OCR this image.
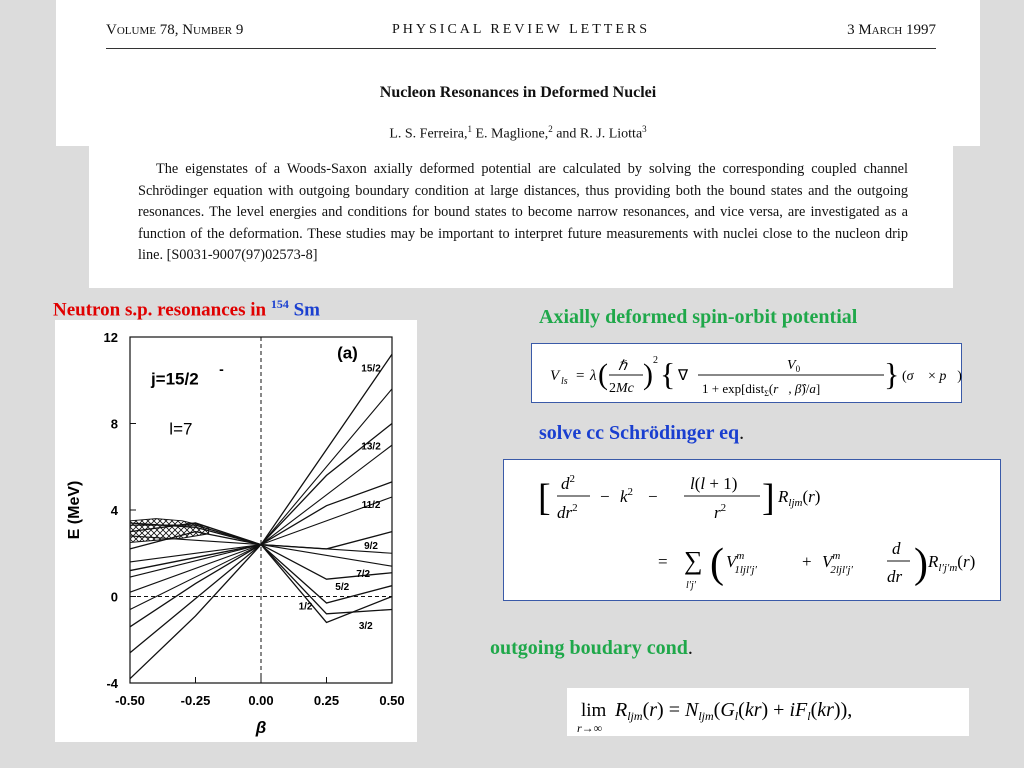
Volume 78, Number 9	PHYSICAL REVIEW LETTERS	3 March 1997
Nucleon Resonances in Deformed Nuclei
L. S. Ferreira,$^1$ E. Maglione,$^2$ and R. J. Liotta$^3$

The eigenstates of a Woods-Saxon axially deformed potential are calculated by solving the corresponding coupled channel Schrödinger equation with outgoing boundary condition at large distances, thus providing both the bound states and the outgoing resonances. The level energies and conditions for bound states to become narrow resonances, and vice versa, are investigated as a function of the deformation. These studies may be important to interpret future measurements with nuclei close to the nucleon drip line. [S0031-9007(97)02573-8]

Neutron s.p. resonances in $^{154}$ Sm
-4
0
4
8
12
-0.50	-0.25	0.00	0.25	0.50
E (MeV)
β
15/2
13/2
11/2
9/2
7/2
5/2
3/2
1/2
(a)
j=15/2
-
l=7
Axially deformed spin-orbit potential
V ls = λ ( ℏ
2Mc ) 2 { ∇
$V_0$
1 + exp[dist$_\Sigma$(r⃗, β̂)/a] } (σ⃗ × p⃗)
solve cc Schrödinger eq.
[ $d^2$
$dr^2$
− $k^2$ −
l(l + 1)
$r^2$ ] $R_{ljm}(r)$
= ∑
l′j′ ( $V^m$ 1ljl′j′	+ $V^m$ 2ljl′j′
d
dr ) $R_{l'j'm}(r)$
outgoing boudary cond.
lim
r→∞
$R_{ljm}(r) = N_{ljm}(G_l(kr) + iF_l(kr))$,
